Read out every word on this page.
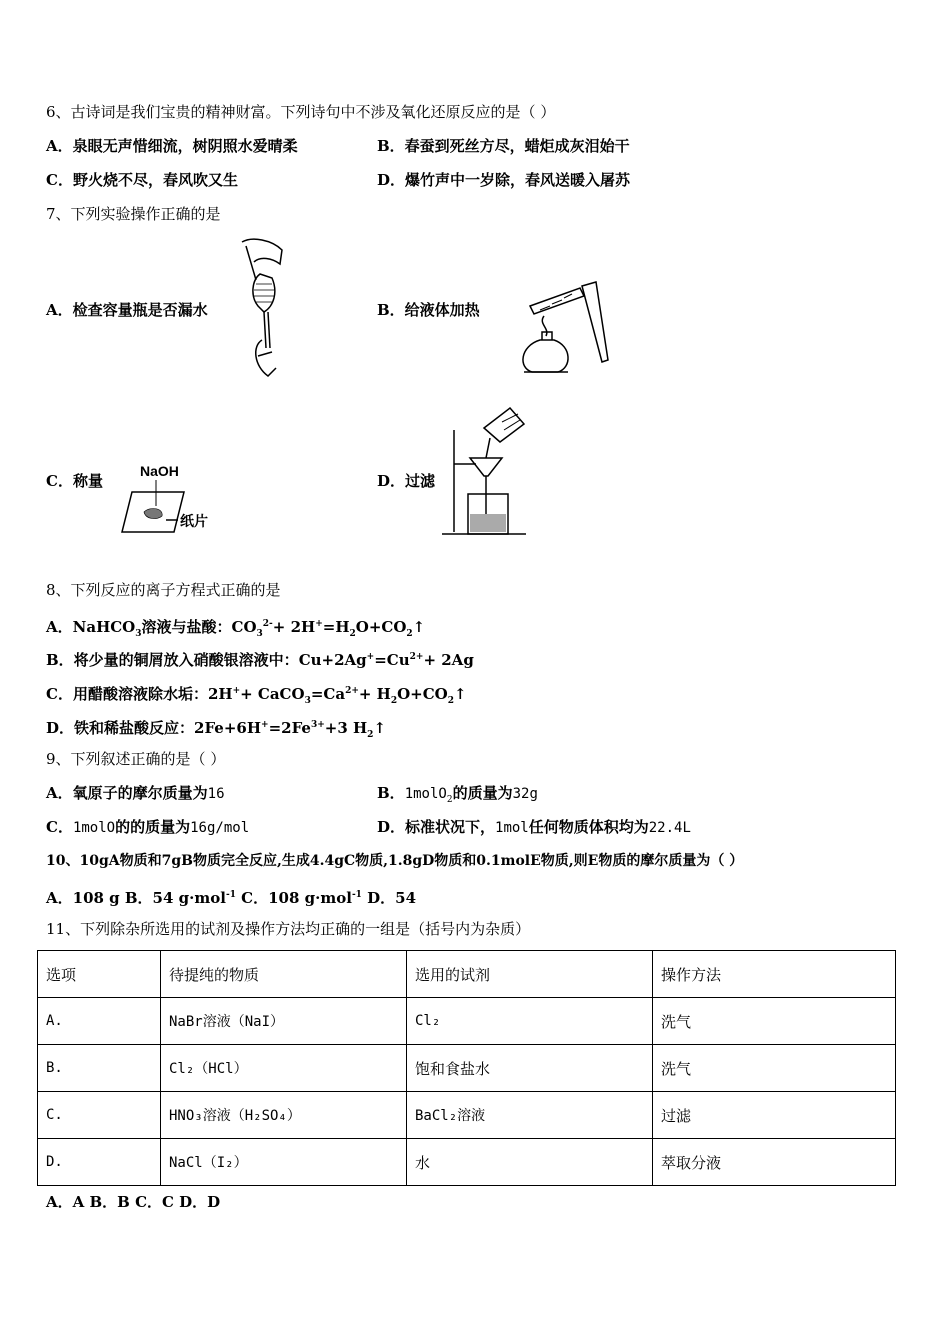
6、古诗词是我们宝贵的精神财富。下列诗句中不涉及氧化还原反应的是（ ）
A．泉眼无声惜细流，树阴照水爱晴柔	B．春蚕到死丝方尽，蜡炬成灰泪始干
C．野火烧不尽，春风吹又生	D．爆竹声中一岁除，春风送暖入屠苏
7、下列实验操作正确的是
A．检查容量瓶是否漏水	B．给液体加热
C．称量	D．过滤
NaOH
纸片
8、下列反应的离子方程式正确的是
A．NaHCO$_3$溶液与盐酸：$CO_3^{2-}+$ $2H^+=H_2O+CO_2↑$
B．将少量的铜屑放入硝酸银溶液中：$Cu+2Ag^+=Cu^{2+}+ 2Ag$
C．用醋酸溶液除水垢：$2H^++ CaCO_3=Ca^{2+}+$ $H_2O+CO_2↑$
D．铁和稀盐酸反应：$2Fe+6H^+=2Fe^{3+}+3$ $H_2↑$
9、下列叙述正确的是（ ）
A．氧原子的摩尔质量为16	B．1molO$_2$的质量为32g
C．1molO的的质量为16g/mol	D．标准状况下，1mol任何物质体积均为22.4L
10、10gA物质和7gB物质完全反应,生成4.4gC物质,1.8gD物质和0.1molE物质,则E物质的摩尔质量为（ ）
A．108 g B．54 g·mol$^{-1}$ C．108 g·mol$^{-1}$ D．54
11、下列除杂所选用的试剂及操作方法均正确的一组是（括号内为杂质）
选项	待提纯的物质	选用的试剂	操作方法
A.	NaBr溶液（NaI）	Cl₂	洗气
B.	Cl₂（HCl）	饱和食盐水	洗气
C.	HNO₃溶液（H₂SO₄）	BaCl₂溶液	过滤
D.	NaCl（I₂）	水	萃取分液
A．A B．B C．C D．D
